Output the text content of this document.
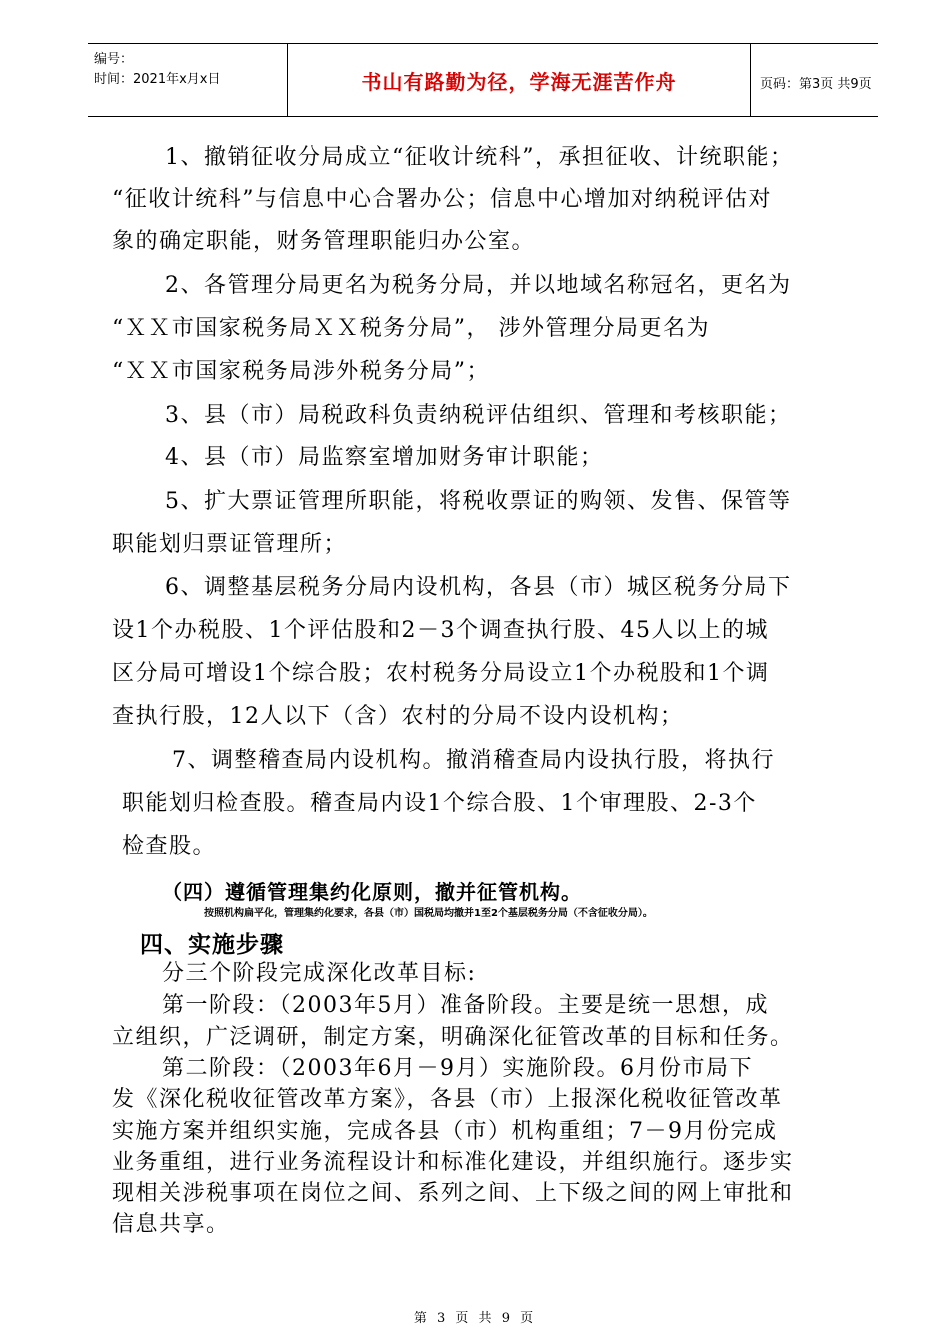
编号：
时间：2021年x月x日	书山有路勤为径，学海无涯苦作舟	页码：第3页 共9页
1、撤销征收分局成立“征收计统科”，承担征收、计统职能；
“征收计统科”与信息中心合署办公；信息中心增加对纳税评估对
象的确定职能，财务管理职能归办公室。
2、各管理分局更名为税务分局，并以地域名称冠名，更名为
“ＸＸ市国家税务局ＸＸ税务分局”， 涉外管理分局更名为
“ＸＸ市国家税务局涉外税务分局”；
3、县（市）局税政科负责纳税评估组织、管理和考核职能；
4、县（市）局监察室增加财务审计职能；
5、扩大票证管理所职能，将税收票证的购领、发售、保管等
职能划归票证管理所；
6、调整基层税务分局内设机构，各县（市）城区税务分局下
设1个办税股、1个评估股和2－3个调查执行股、45人以上的城
区分局可增设1个综合股；农村税务分局设立1个办税股和1个调
查执行股，12人以下（含）农村的分局不设内设机构；
7、调整稽查局内设机构。撤消稽查局内设执行股，将执行
职能划归检查股。稽查局内设1个综合股、1个审理股、2-3个
检查股。
（四）遵循管理集约化原则，撤并征管机构。
按照机构扁平化，管理集约化要求，各县（市）国税局均撤并1至2个基层税务分局（不含征收分局）。
四、实施步骤
分三个阶段完成深化改革目标:
第一阶段：（2003年5月）准备阶段。主要是统一思想，成
立组织，广泛调研，制定方案，明确深化征管改革的目标和任务。
第二阶段：（2003年6月－9月）实施阶段。6月份市局下
发《深化税收征管改革方案》，各县（市）上报深化税收征管改革
实施方案并组织实施，完成各县（市）机构重组；7－9月份完成
业务重组，进行业务流程设计和标准化建设，并组织施行。逐步实
现相关涉税事项在岗位之间、系列之间、上下级之间的网上审批和
信息共享。
第 3 页 共 9 页
